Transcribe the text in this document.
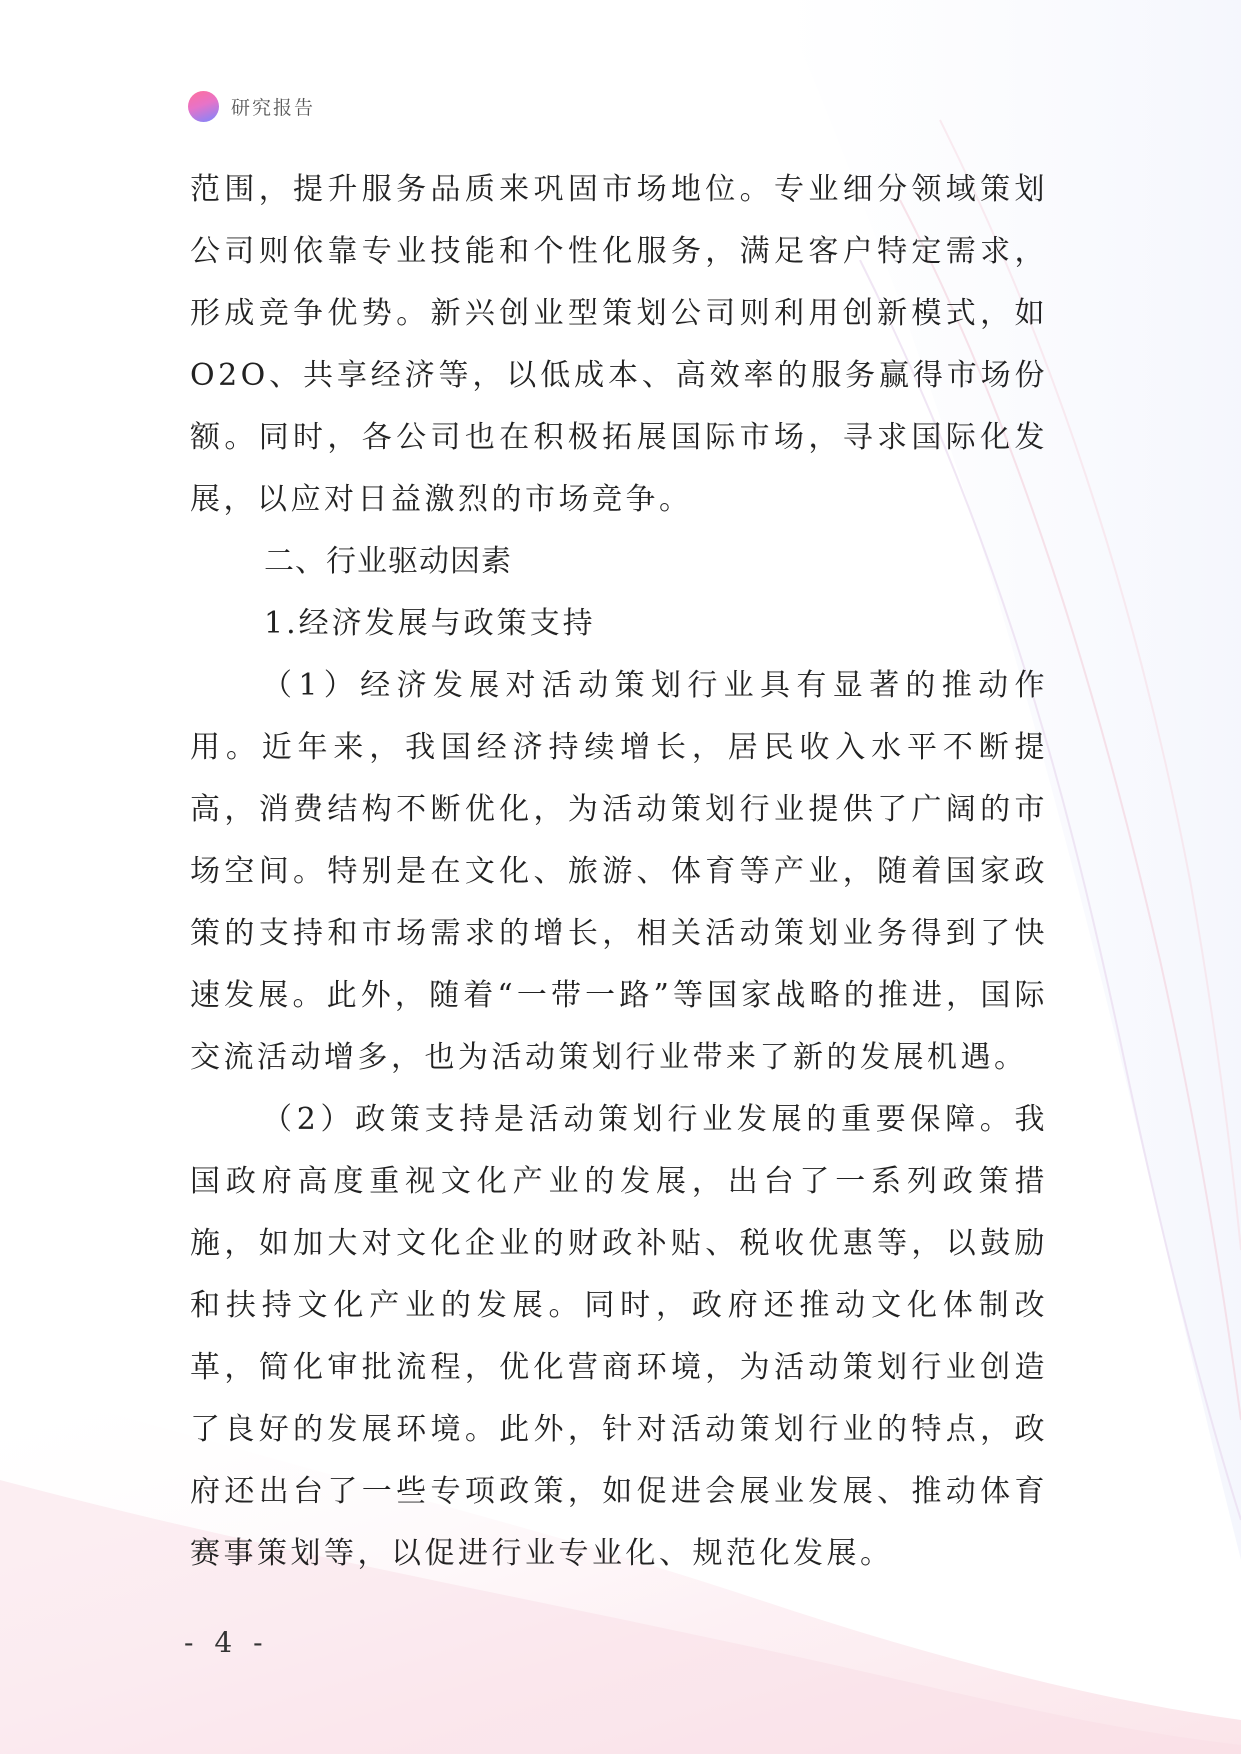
研究报告

范围，提升服务品质来巩固市场地位。专业细分领域策划公司则依靠专业技能和个性化服务，满足客户特定需求，形成竞争优势。新兴创业型策划公司则利用创新模式，如O2O、共享经济等，以低成本、高效率的服务赢得市场份额。同时，各公司也在积极拓展国际市场，寻求国际化发展，以应对日益激烈的市场竞争。

二、行业驱动因素

1.经济发展与政策支持

（1）经济发展对活动策划行业具有显著的推动作用。近年来，我国经济持续增长，居民收入水平不断提高，消费结构不断优化，为活动策划行业提供了广阔的市场空间。特别是在文化、旅游、体育等产业，随着国家政策的支持和市场需求的增长，相关活动策划业务得到了快速发展。此外，随着“一带一路”等国家战略的推进，国际交流活动增多，也为活动策划行业带来了新的发展机遇。

（2）政策支持是活动策划行业发展的重要保障。我国政府高度重视文化产业的发展，出台了一系列政策措施，如加大对文化企业的财政补贴、税收优惠等，以鼓励和扶持文化产业的发展。同时，政府还推动文化体制改革，简化审批流程，优化营商环境，为活动策划行业创造了良好的发展环境。此外，针对活动策划行业的特点，政府还出台了一些专项政策，如促进会展业发展、推动体育赛事策划等，以促进行业专业化、规范化发展。

- 4 -
